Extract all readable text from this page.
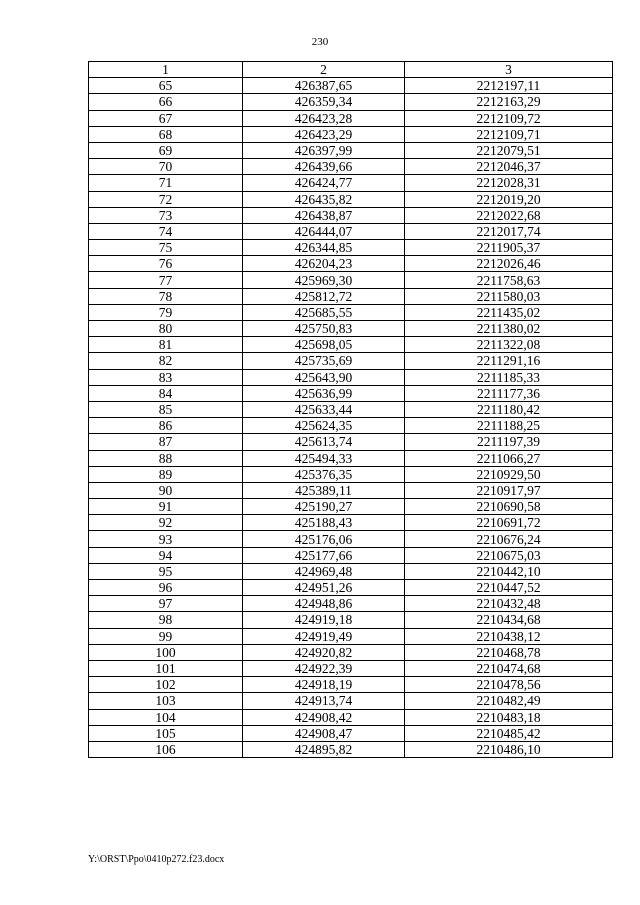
230
1	2	3
65	426387,65	2212197,11
66	426359,34	2212163,29
67	426423,28	2212109,72
68	426423,29	2212109,71
69	426397,99	2212079,51
70	426439,66	2212046,37
71	426424,77	2212028,31
72	426435,82	2212019,20
73	426438,87	2212022,68
74	426444,07	2212017,74
75	426344,85	2211905,37
76	426204,23	2212026,46
77	425969,30	2211758,63
78	425812,72	2211580,03
79	425685,55	2211435,02
80	425750,83	2211380,02
81	425698,05	2211322,08
82	425735,69	2211291,16
83	425643,90	2211185,33
84	425636,99	2211177,36
85	425633,44	2211180,42
86	425624,35	2211188,25
87	425613,74	2211197,39
88	425494,33	2211066,27
89	425376,35	2210929,50
90	425389,11	2210917,97
91	425190,27	2210690,58
92	425188,43	2210691,72
93	425176,06	2210676,24
94	425177,66	2210675,03
95	424969,48	2210442,10
96	424951,26	2210447,52
97	424948,86	2210432,48
98	424919,18	2210434,68
99	424919,49	2210438,12
100	424920,82	2210468,78
101	424922,39	2210474,68
102	424918,19	2210478,56
103	424913,74	2210482,49
104	424908,42	2210483,18
105	424908,47	2210485,42
106	424895,82	2210486,10
Y:\ORST\Ppo\0410p272.f23.docx
